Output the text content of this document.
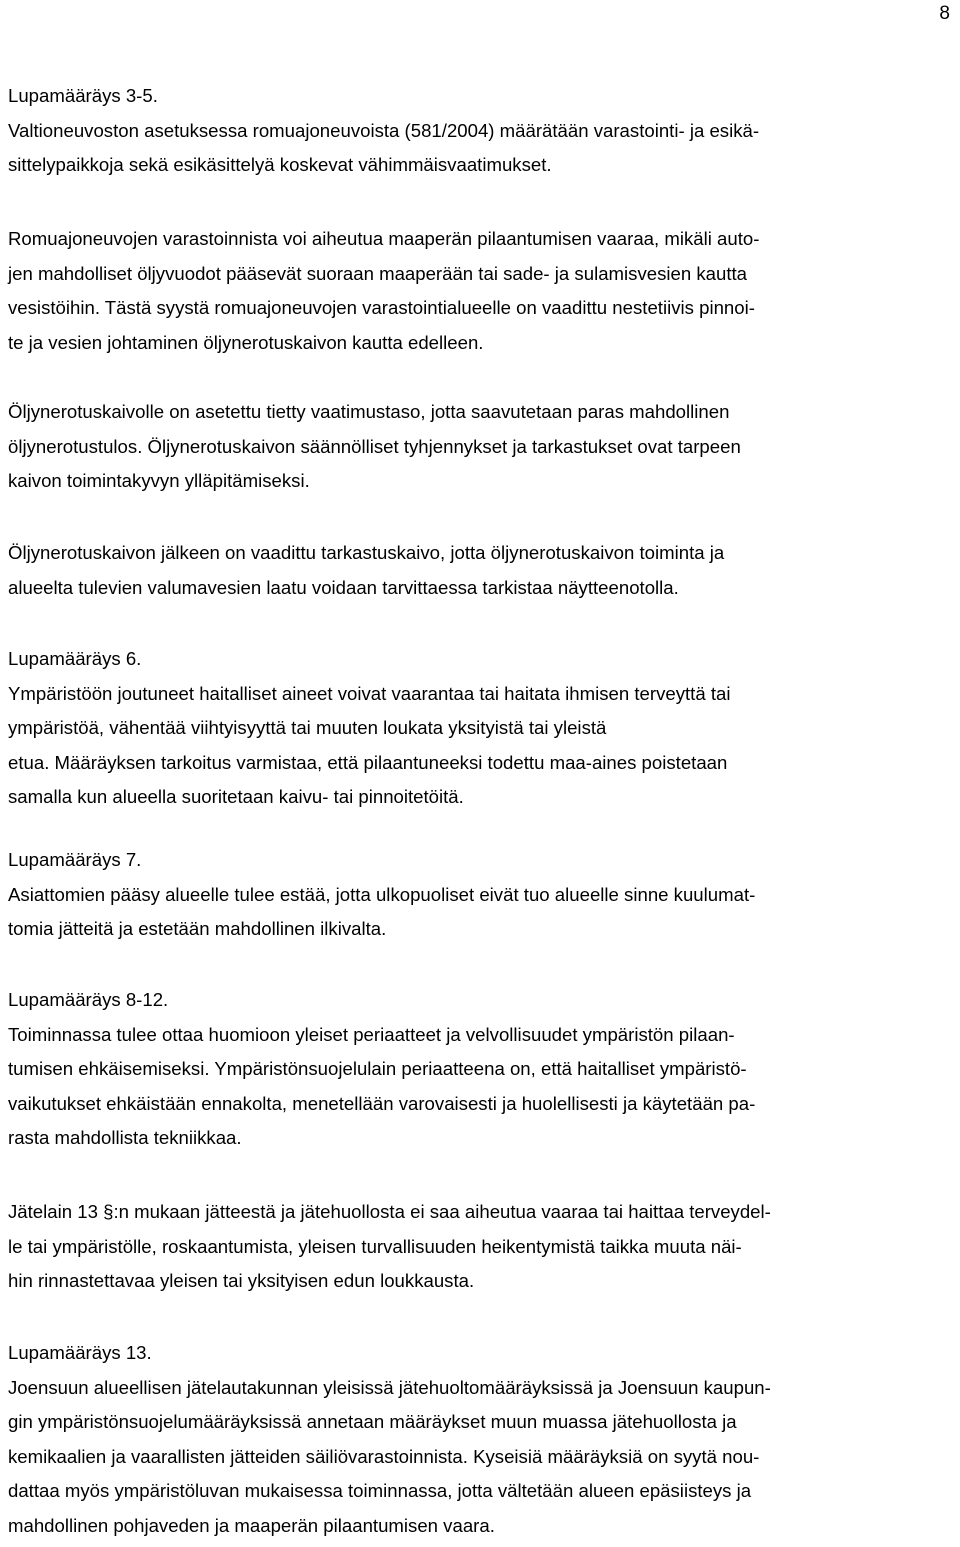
8
Lupamääräys 3-5.
Valtioneuvoston asetuksessa romuajoneuvoista (581/2004) määrätään varastointi- ja esikä-
sittelypaikkoja sekä esikäsittelyä koskevat vähimmäisvaatimukset.
Romuajoneuvojen varastoinnista voi aiheutua maaperän pilaantumisen vaaraa, mikäli auto-
jen mahdolliset öljyvuodot pääsevät suoraan maaperään tai sade- ja sulamisvesien kautta
vesistöihin. Tästä syystä romuajoneuvojen varastointialueelle on vaadittu nestetiivis pinnoi-
te ja vesien johtaminen öljynerotuskaivon kautta edelleen.
Öljynerotuskaivolle on asetettu tietty vaatimustaso, jotta saavutetaan paras mahdollinen
öljynerotustulos. Öljynerotuskaivon säännölliset tyhjennykset ja tarkastukset ovat tarpeen
kaivon toimintakyvyn ylläpitämiseksi.
Öljynerotuskaivon jälkeen on vaadittu tarkastuskaivo, jotta öljynerotuskaivon toiminta ja
alueelta tulevien valumavesien laatu voidaan tarvittaessa tarkistaa näytteenotolla.
Lupamääräys 6.
Ympäristöön joutuneet haitalliset aineet voivat vaarantaa tai haitata ihmisen terveyttä tai
ympäristöä, vähentää viihtyisyyttä tai muuten loukata yksityistä tai yleistä
etua. Määräyksen tarkoitus varmistaa, että pilaantuneeksi todettu maa-aines poistetaan
samalla kun alueella suoritetaan kaivu- tai pinnoitetöitä.
Lupamääräys 7.
Asiattomien pääsy alueelle tulee estää, jotta ulkopuoliset eivät tuo alueelle sinne kuulumat-
tomia jätteitä ja estetään mahdollinen ilkivalta.
Lupamääräys 8-12.
Toiminnassa tulee ottaa huomioon yleiset periaatteet ja velvollisuudet ympäristön pilaan-
tumisen ehkäisemiseksi. Ympäristönsuojelulain periaatteena on, että haitalliset ympäristö-
vaikutukset ehkäistään ennakolta, menetellään varovaisesti ja huolellisesti ja käytetään pa-
rasta mahdollista tekniikkaa.
Jätelain 13 §:n mukaan jätteestä ja jätehuollosta ei saa aiheutua vaaraa tai haittaa terveydel-
le tai ympäristölle, roskaantumista, yleisen turvallisuuden heikentymistä taikka muuta näi-
hin rinnastettavaa yleisen tai yksityisen edun loukkausta.
Lupamääräys 13.
Joensuun alueellisen jätelautakunnan yleisissä jätehuoltomääräyksissä ja Joensuun kaupun-
gin ympäristönsuojelumääräyksissä annetaan määräykset muun muassa jätehuollosta ja
kemikaalien ja vaarallisten jätteiden säiliövarastoinnista. Kyseisiä määräyksiä on syytä nou-
dattaa myös ympäristöluvan mukaisessa toiminnassa, jotta vältetään alueen epäsiisteys ja
mahdollinen pohjaveden ja maaperän pilaantumisen vaara.
